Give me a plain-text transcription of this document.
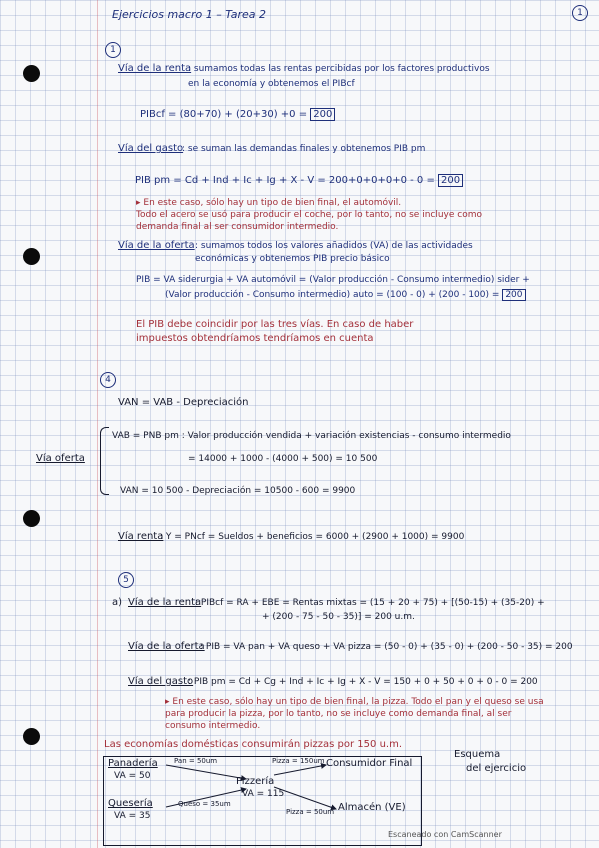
Ejercicios macro 1 – Tarea 2	1
1
Vía de la renta
: sumamos todas las rentas percibidas por los factores productivos
en la economía y obtenemos el PIBcf
PIBcf = (80+70) + (20+30) +0 = 200
Vía del gasto
: se suman las demandas finales y obtenemos PIB pm
PIB pm = Cd + Ind + Ic + Ig + X - V = 200+0+0+0+0 - 0 = 200
▸ En este caso, sólo hay un tipo de bien final, el automóvil.
Todo el acero se usó para producir el coche, por lo tanto, no se incluye como
demanda final al ser consumidor intermedio.
Vía de la oferta : sumamos todos los valores añadidos (VA) de las actividades
económicas y obtenemos PIB precio básico
PIB = VA siderurgia + VA automóvil = (Valor producción - Consumo intermedio) sider +
(Valor producción - Consumo intermedio) auto = (100 - 0) + (200 - 100) = 200
El PIB debe coincidir por las tres vías. En caso de haber
impuestos obtendríamos tendríamos en cuenta
4
VAN = VAB - Depreciación
Vía oferta
VAB = PNB pm : Valor producción vendida + variación existencias - consumo intermedio
= 14000 + 1000 - (4000 + 500) = 10 500
VAN = 10 500 - Depreciación = 10500 - 600 = 9900
Vía renta
: Y = PNcf = Sueldos + beneficios = 6000 + (2900 + 1000) = 9900
5
a) Vía de la renta
: PIBcf = RA + EBE = Rentas mixtas = (15 + 20 + 75) + [(50-15) + (35-20) +
+ (200 - 75 - 50 - 35)] = 200 u.m.
Vía de la oferta
: PIB = VA pan + VA queso + VA pizza = (50 - 0) + (35 - 0) + (200 - 50 - 35) = 200
Vía del gasto
: PIB pm = Cd + Cg + Ind + Ic + Ig + X - V = 150 + 0 + 50 + 0 + 0 - 0 = 200
▸ En este caso, sólo hay un tipo de bien final, la pizza. Todo el pan y el queso se usa
para producir la pizza, por lo tanto, no se incluye como demanda final, al ser
consumo intermedio.
Las economías domésticas consumirán pizzas por 150 u.m.
Panadería
VA = 50
Quesería
VA = 35
Pizzería
VA = 115
Consumidor Final
Almacén (VE)
Pan = 50um
Queso = 35um
Pizza = 150um
Pizza = 50um
Esquema
del ejercicio
Escaneado con CamScanner
